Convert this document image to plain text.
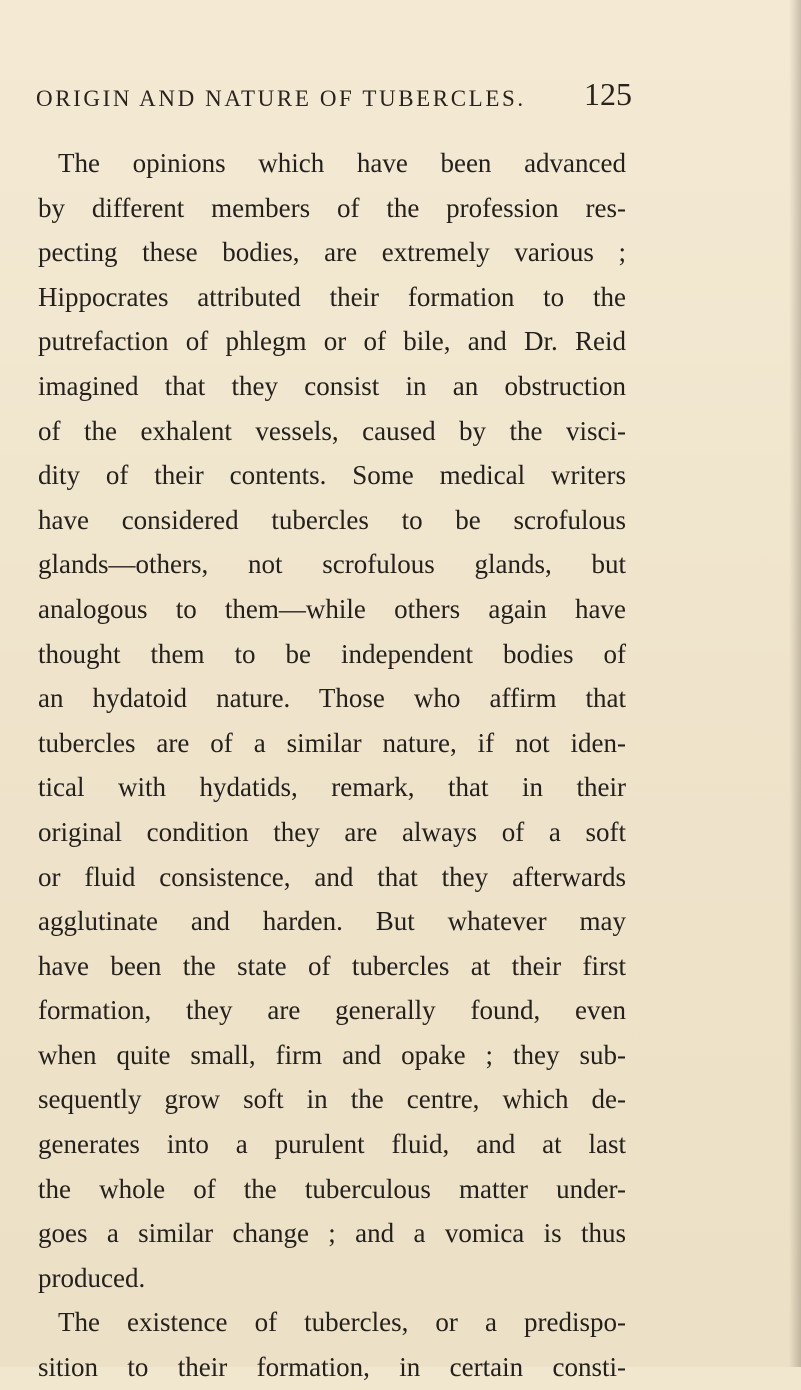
ORIGIN AND NATURE OF TUBERCLES. 125
The opinions which have been advanced
by different members of the profession res-
pecting these bodies, are extremely various ;
Hippocrates attributed their formation to the
putrefaction of phlegm or of bile, and Dr. Reid
imagined that they consist in an obstruction
of the exhalent vessels, caused by the visci-
dity of their contents. Some medical writers
have considered tubercles to be scrofulous
glands—others, not scrofulous glands, but
analogous to them—while others again have
thought them to be independent bodies of
an hydatoid nature. Those who affirm that
tubercles are of a similar nature, if not iden-
tical with hydatids, remark, that in their
original condition they are always of a soft
or fluid consistence, and that they afterwards
agglutinate and harden. But whatever may
have been the state of tubercles at their first
formation, they are generally found, even
when quite small, firm and opake ; they sub-
sequently grow soft in the centre, which de-
generates into a purulent fluid, and at last
the whole of the tuberculous matter under-
goes a similar change ; and a vomica is thus
produced.
The existence of tubercles, or a predispo-
sition to their formation, in certain consti-
